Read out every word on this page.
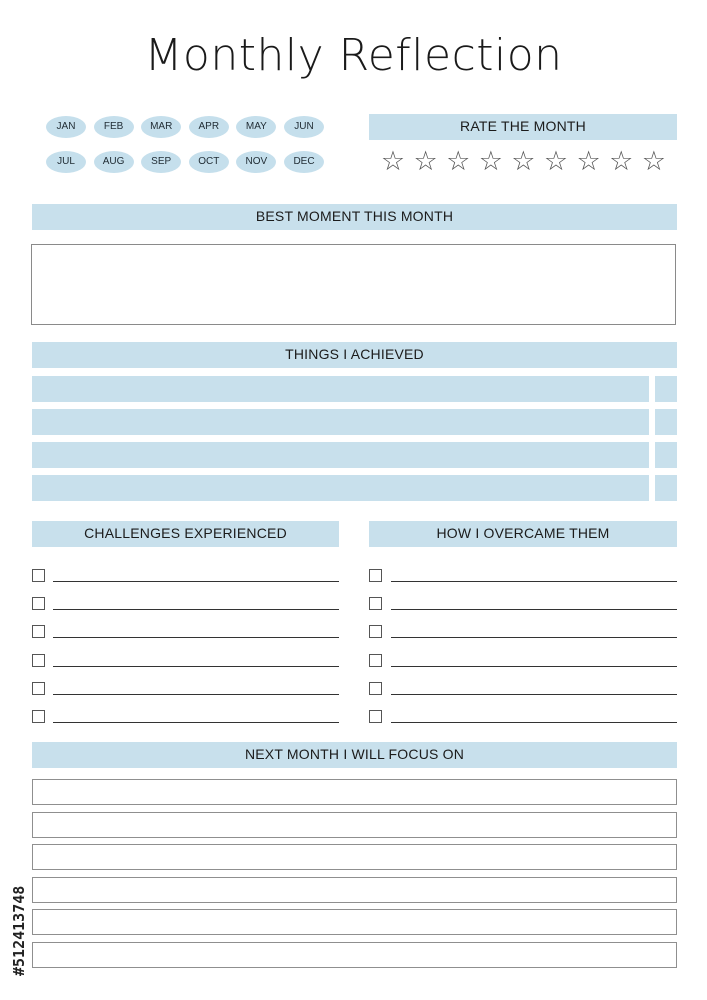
Monthly Reflection
JAN	FEB	MAR	APR	MAY	JUN
JUL	AUG	SEP	OCT	NOV	DEC
RATE THE MONTH
☆ ☆ ☆ ☆ ☆ ☆ ☆ ☆ ☆
BEST MOMENT THIS MONTH
THINGS I ACHIEVED
CHALLENGES EXPERIENCED	HOW I OVERCAME THEM
NEXT MONTH I WILL FOCUS ON
#512413748
